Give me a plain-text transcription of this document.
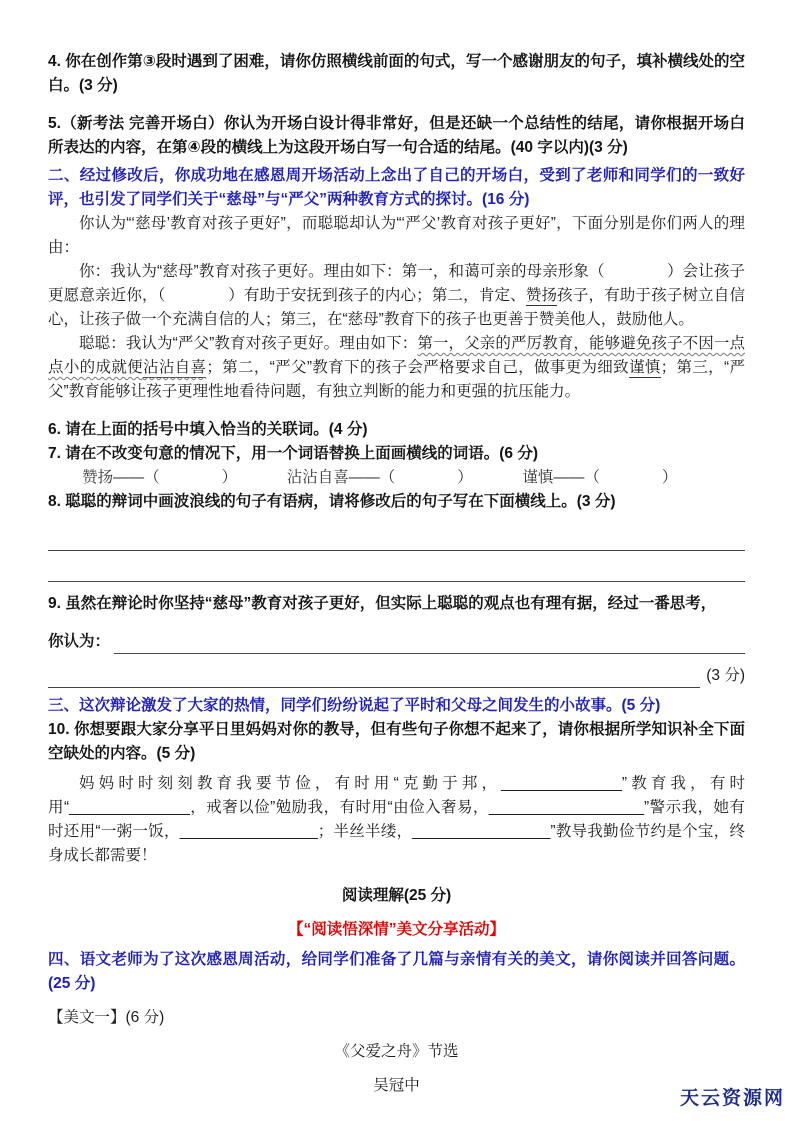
4. 你在创作第③段时遇到了困难，请你仿照横线前面的句式，写一个感谢朋友的句子，填补横线处的空白。(3 分)

5.（新考法 完善开场白）你认为开场白设计得非常好，但是还缺一个总结性的结尾，请你根据开场白所表达的内容，在第④段的横线上为这段开场白写一句合适的结尾。(40 字以内)(3 分)

二、经过修改后，你成功地在感恩周开场活动上念出了自己的开场白，受到了老师和同学们的一致好评，也引发了同学们关于“慈母”与“严父”两种教育方式的探讨。(16 分)

你认为“‘慈母’教育对孩子更好”，而聪聪却认为“‘严父’教育对孩子更好”，下面分别是你们两人的理由：

你：我认为“慈母”教育对孩子更好。理由如下：第一，和蔼可亲的母亲形象（　　　　）会让孩子更愿意亲近你，（　　　　）有助于安抚到孩子的内心；第二，肯定、赞扬孩子，有助于孩子树立自信心，让孩子做一个充满自信的人；第三，在“慈母”教育下的孩子也更善于赞美他人，鼓励他人。

聪聪：我认为“严父”教育对孩子更好。理由如下：第一，父亲的严厉教育，能够避免孩子不因一点点小的成就便沾沾自喜；第二，“严父”教育下的孩子会严格要求自己，做事更为细致谨慎；第三，“严父”教育能够让孩子更理性地看待问题，有独立判断的能力和更强的抗压能力。

6. 请在上面的括号中填入恰当的关联词。(4 分)

7. 请在不改变句意的情况下，用一个词语替换上面画横线的词语。(6 分)

赞扬——（　　　　）	沾沾自喜——（　　　　）	谨慎——（　　　　）

8. 聪聪的辩词中画波浪线的句子有语病，请将修改后的句子写在下面横线上。(3 分)

9. 虽然在辩论时你坚持“慈母”教育对孩子更好，但实际上聪聪的观点也有理有据，经过一番思考，

你认为：
(3 分)

三、这次辩论激发了大家的热情，同学们纷纷说起了平时和父母之间发生的小故事。(5 分)

10. 你想要跟大家分享平日里妈妈对你的教导，但有些句子你想不起来了，请你根据所学知识补全下面空缺处的内容。(5 分)

妈妈时时刻刻教育我要节俭，有时用“克勤于邦，______________”教育我，有时用“______________，戒奢以俭”勉励我，有时用“由俭入奢易，__________________”警示我，她有时还用“一粥一饭，________________；半丝半缕，________________”教导我勤俭节约是个宝，终身成长都需要！

阅读理解(25 分)

【“阅读悟深情”美文分享活动】

四、语文老师为了这次感恩周活动，给同学们准备了几篇与亲情有关的美文，请你阅读并回答问题。(25 分)

【美文一】(6 分)

《父爱之舟》节选

吴冠中

天云资源网
